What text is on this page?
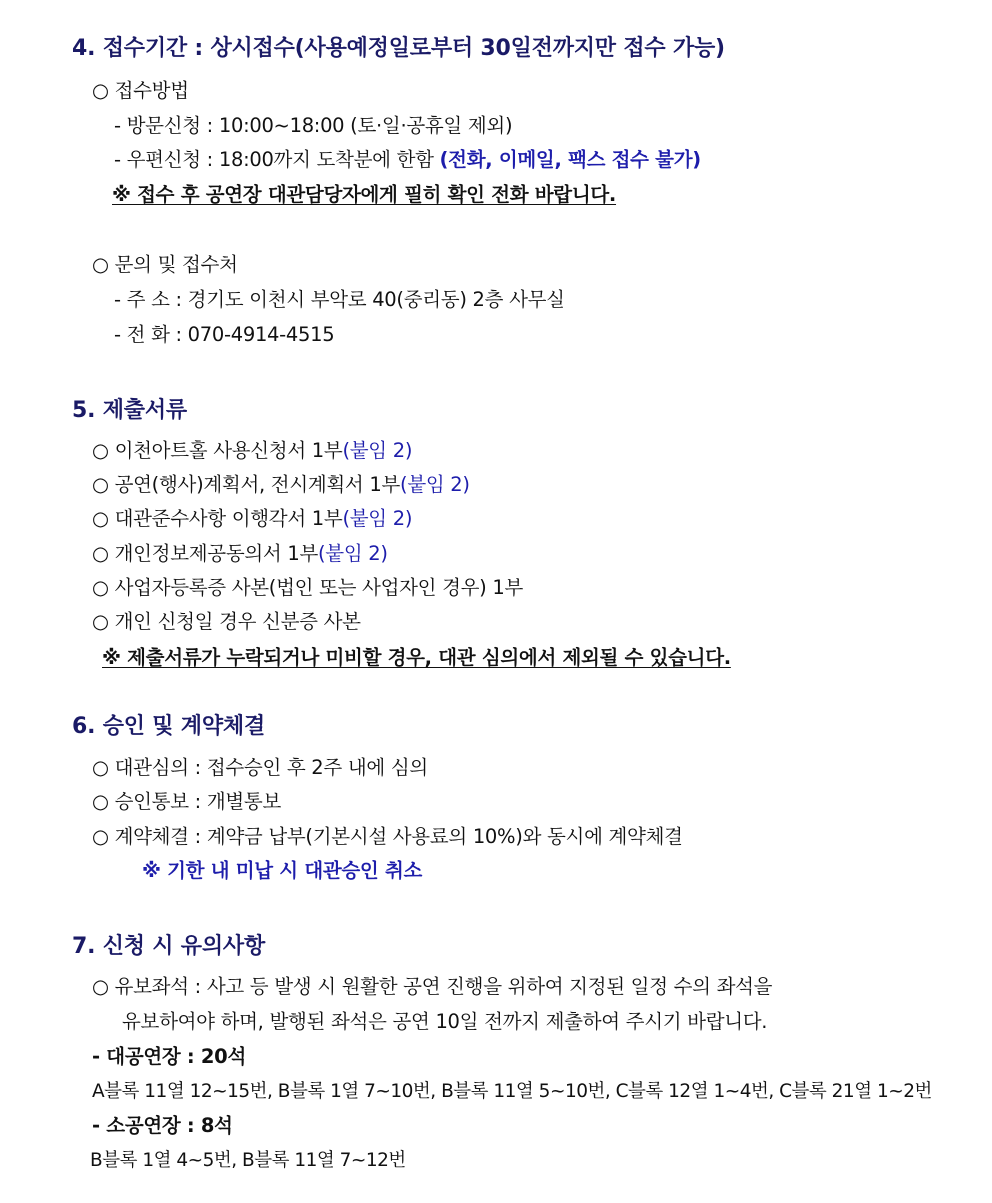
4. 접수기간 : 상시접수(사용예정일로부터 30일전까지만 접수 가능)
○ 접수방법
- 방문신청 : 10:00~18:00 (토·일·공휴일 제외)
- 우편신청 : 18:00까지 도착분에 한함 (전화, 이메일, 팩스 접수 불가)
※ 접수 후 공연장 대관담당자에게 필히 확인 전화 바랍니다.
○ 문의 및 접수처
- 주 소 : 경기도 이천시 부악로 40(중리동) 2층 사무실
- 전 화 : 070-4914-4515
5. 제출서류
○ 이천아트홀 사용신청서 1부(붙임 2)
○ 공연(행사)계획서, 전시계획서 1부(붙임 2)
○ 대관준수사항 이행각서 1부(붙임 2)
○ 개인정보제공동의서 1부(붙임 2)
○ 사업자등록증 사본(법인 또는 사업자인 경우) 1부
○ 개인 신청일 경우 신분증 사본
※ 제출서류가 누락되거나 미비할 경우, 대관 심의에서 제외될 수 있습니다.
6. 승인 및 계약체결
○ 대관심의 : 접수승인 후 2주 내에 심의
○ 승인통보 : 개별통보
○ 계약체결 : 계약금 납부(기본시설 사용료의 10%)와 동시에 계약체결
※ 기한 내 미납 시 대관승인 취소
7. 신청 시 유의사항
○ 유보좌석 : 사고 등 발생 시 원활한 공연 진행을 위하여 지정된 일정 수의 좌석을
유보하여야 하며, 발행된 좌석은 공연 10일 전까지 제출하여 주시기 바랍니다.
- 대공연장 : 20석
A블록 11열 12~15번, B블록 1열 7~10번, B블록 11열 5~10번, C블록 12열 1~4번, C블록 21열 1~2번
- 소공연장 : 8석
B블록 1열 4~5번, B블록 11열 7~12번
